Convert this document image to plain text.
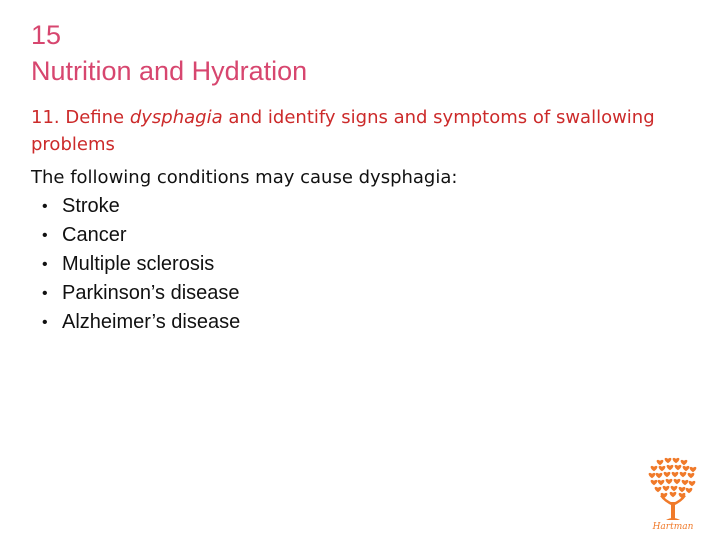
15
Nutrition and Hydration
11. Define dysphagia and identify signs and symptoms of swallowing problems
The following conditions may cause dysphagia:
• Stroke
• Cancer
• Multiple sclerosis
• Parkinson’s disease
• Alzheimer’s disease
Hartman
